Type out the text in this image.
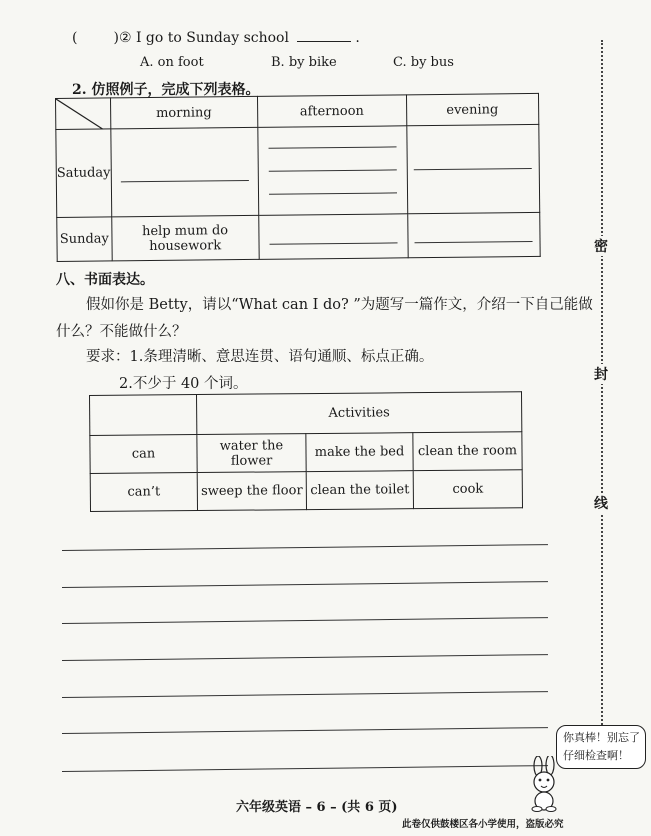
(	)② I go to Sunday school	.
A. on foot	B. by bike	C. by bus
2. 仿照例子，完成下列表格。
	morning	afternoon	evening
Satuday	

Sunday	help mum do housework	

八、书面表达。
假如你是 Betty，请以“What can I do? ”为题写一篇作文，介绍一下自己能做
什么？不能做什么？
要求：1.条理清晰、意思连贯、语句通顺、标点正确。
2.不少于 40 个词。
	Activities		
can	water the flower	make the bed	clean the room
can’t	sweep the floor	clean the toilet	cook
密
封
线
你真棒！别忘了
仔细检查啊！
六年级英语 – 6 – (共 6 页)
此卷仅供鼓楼区各小学使用，盗版必究
